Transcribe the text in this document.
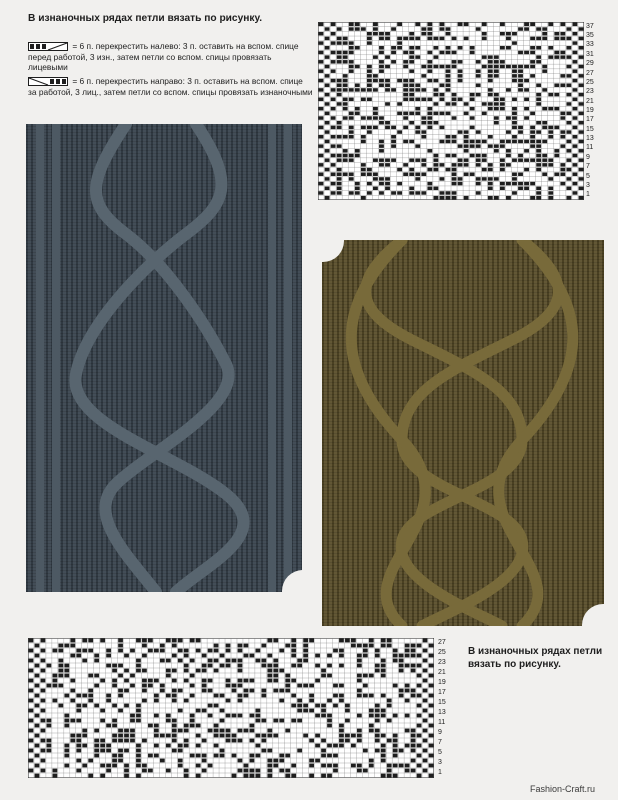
В изнаночных рядах петли вязать по рисунку.
= 6 п. перекрестить налево: 3 п. оставить на вспом. спице перед работой, 3 изн., затем петли со вспом. спицы провязать лицевыми
= 6 п. перекрестить направо: 3 п. оставить на вспом. спице за работой, 3 лиц., затем петли со вспом. спицы провязать изнаночными
37
35
33
31
29
27
25
23
21
19
17
15
13
11
9
7
5
3
1
27
25
23
21
19
17
15
13
11
9
7
5
3
1
В изнаночных рядах петли вязать по рисунку.
Fashion-Craft.ru
